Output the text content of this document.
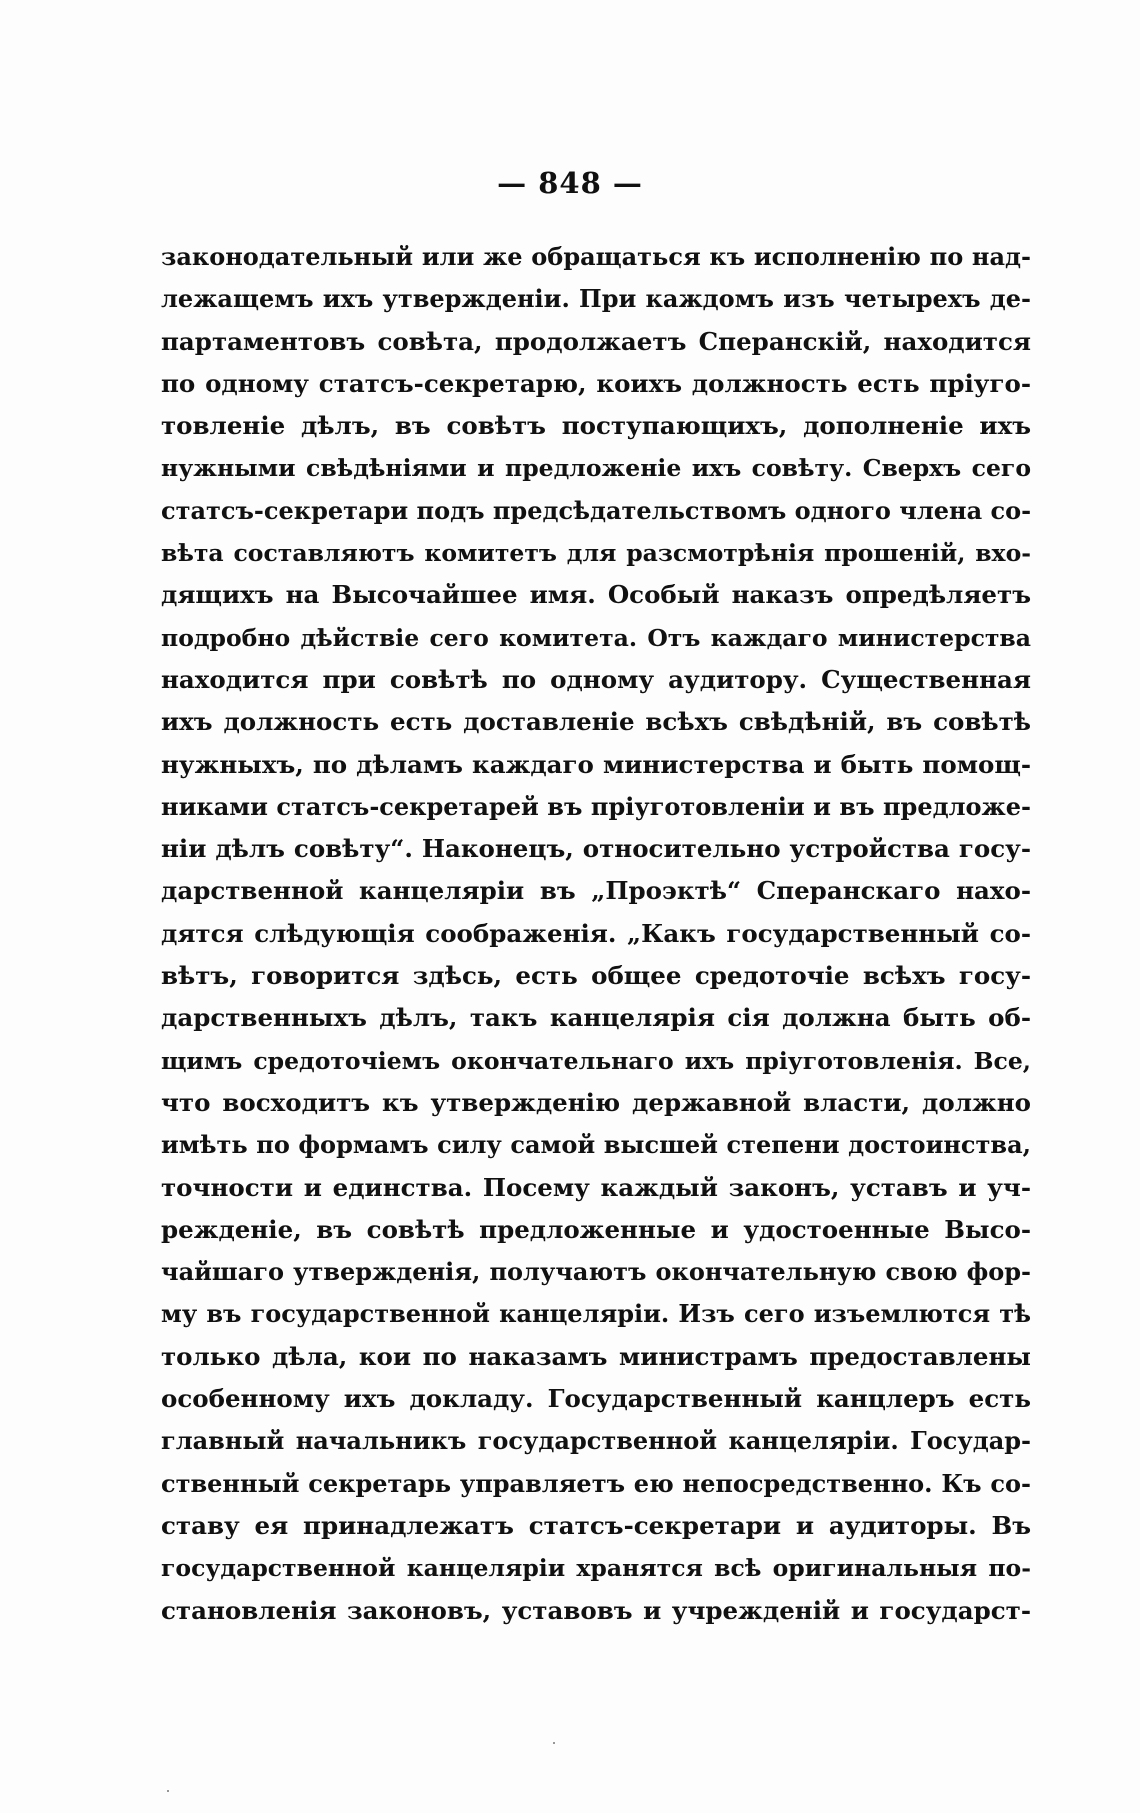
— 848 —
законодательный или же обращаться къ исполненію по над-
лежащемъ ихъ утвержденіи. При каждомъ изъ четырехъ де-
партаментовъ совѣта, продолжаетъ Сперанскій, находится
по одному статсъ-секретарю, коихъ должность есть пріуго-
товленіе дѣлъ, въ совѣтъ поступающихъ, дополненіе ихъ
нужными свѣдѣніями и предложеніе ихъ совѣту. Сверхъ сего
статсъ-секретари подъ предсѣдательствомъ одного члена со-
вѣта составляютъ комитетъ для разсмотрѣнія прошеній, вхо-
дящихъ на Высочайшее имя. Особый наказъ опредѣляетъ
подробно дѣйствіе сего комитета. Отъ каждаго министерства
находится при совѣтѣ по одному аудитору. Существенная
ихъ должность есть доставленіе всѣхъ свѣдѣній, въ совѣтѣ
нужныхъ, по дѣламъ каждаго министерства и быть помощ-
никами статсъ-секретарей въ пріуготовленіи и въ предложе-
ніи дѣлъ совѣту“. Наконецъ, относительно устройства госу-
дарственной канцеляріи въ „Проэктѣ“ Сперанскаго нахо-
дятся слѣдующія соображенія. „Какъ государственный со-
вѣтъ, говорится здѣсь, есть общее средоточіе всѣхъ госу-
дарственныхъ дѣлъ, такъ канцелярія сія должна быть об-
щимъ средоточіемъ окончательнаго ихъ пріуготовленія. Все,
что восходитъ къ утвержденію державной власти, должно
имѣть по формамъ силу самой высшей степени достоинства,
точности и единства. Посему каждый законъ, уставъ и уч-
режденіе, въ совѣтѣ предложенные и удостоенные Высо-
чайшаго утвержденія, получаютъ окончательную свою фор-
му въ государственной канцеляріи. Изъ сего изъемлются тѣ
только дѣла, кои по наказамъ министрамъ предоставлены
особенному ихъ докладу. Государственный канцлеръ есть
главный начальникъ государственной канцеляріи. Государ-
ственный секретарь управляетъ ею непосредственно. Къ со-
ставу ея принадлежатъ статсъ-секретари и аудиторы. Въ
государственной канцеляріи хранятся всѣ оригинальныя по-
становленія законовъ, уставовъ и учрежденій и государст-
